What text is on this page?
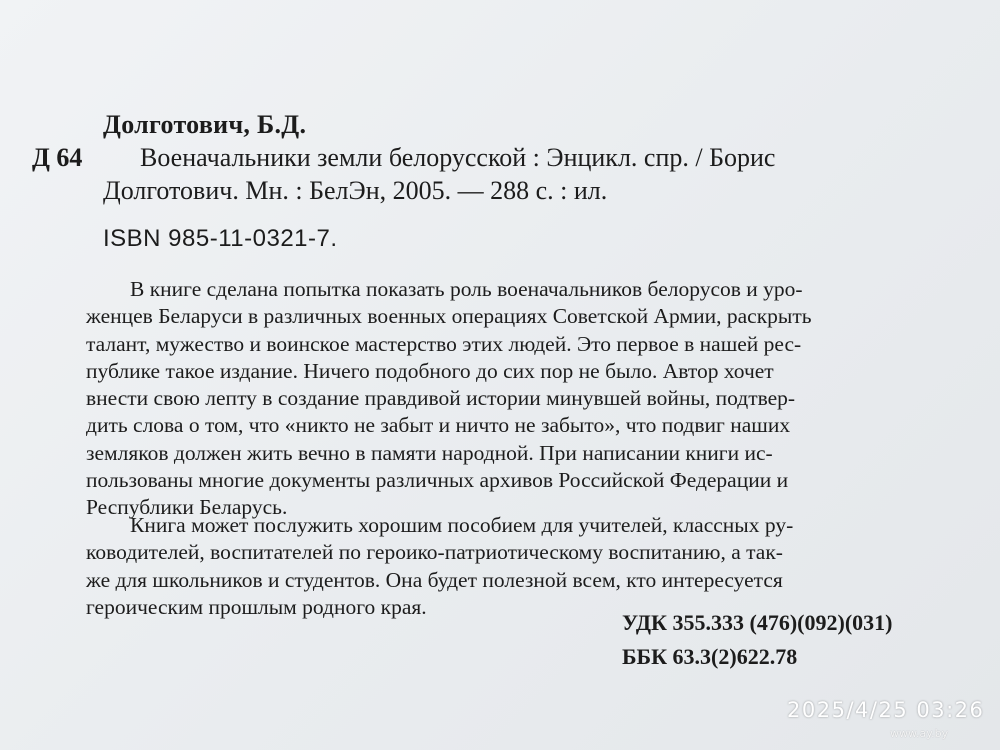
Долготович, Б.Д.
Д 64 Военачальники земли белорусской : Энцикл. спр. / Борис
Долготович. Мн. : БелЭн, 2005. — 288 с. : ил.
ISBN 985-11-0321-7.
В книге сделана попытка показать роль военачальников белорусов и уро-
женцев Беларуси в различных военных операциях Советской Армии, раскрыть
талант, мужество и воинское мастерство этих людей. Это первое в нашей рес-
публике такое издание. Ничего подобного до сих пор не было. Автор хочет
внести свою лепту в создание правдивой истории минувшей войны, подтвер-
дить слова о том, что «никто не забыт и ничто не забыто», что подвиг наших
земляков должен жить вечно в памяти народной. При написании книги ис-
пользованы многие документы различных архивов Российской Федерации и
Республики Беларусь.
Книга может послужить хорошим пособием для учителей, классных ру-
ководителей, воспитателей по героико-патриотическому воспитанию, а так-
же для школьников и студентов. Она будет полезной всем, кто интересуется
героическим прошлым родного края.
УДК 355.333 (476)(092)(031)
ББК 63.3(2)622.78
2025/4/25 03:26
www.ay.by
